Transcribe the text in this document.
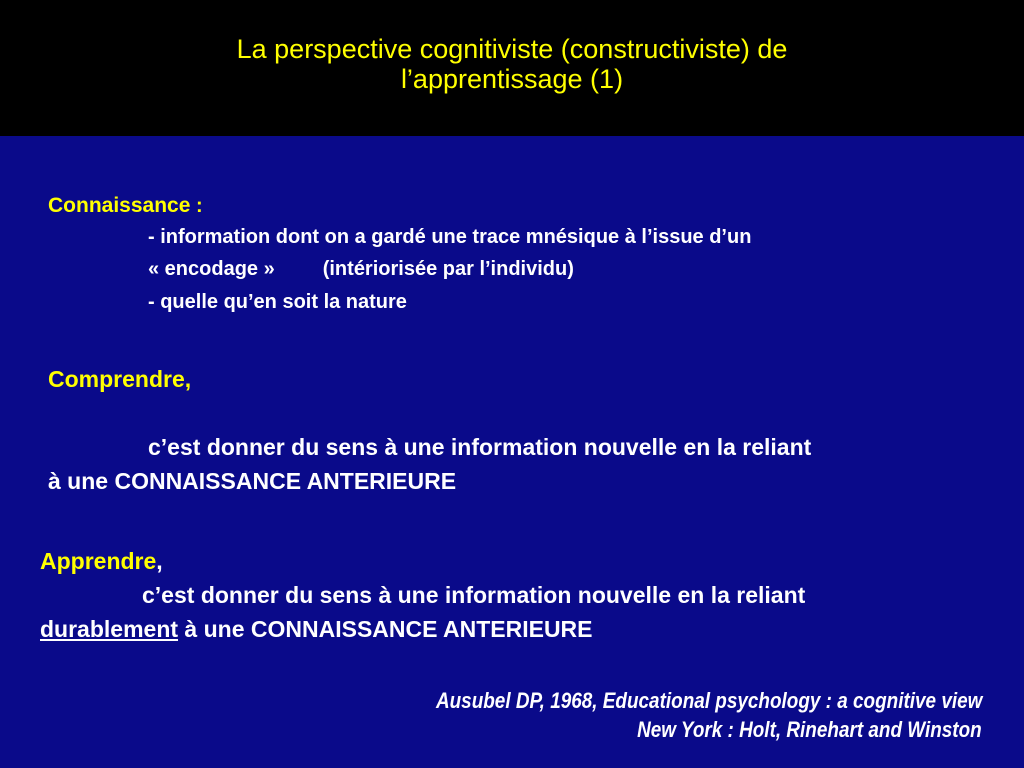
La perspective cognitiviste (constructiviste) de
l’apprentissage (1)
Connaissance :
- information dont on a gardé une trace mnésique à l’issue d’un
« encodage » (intériorisée par l’individu)
- quelle qu’en soit la nature
Comprendre,
c’est donner du sens à une information nouvelle en la reliant
à une CONNAISSANCE ANTERIEURE
Apprendre,
c’est donner du sens à une information nouvelle en la reliant
durablement à une CONNAISSANCE ANTERIEURE
Ausubel DP, 1968, Educational psychology : a cognitive view
New York : Holt, Rinehart and Winston
